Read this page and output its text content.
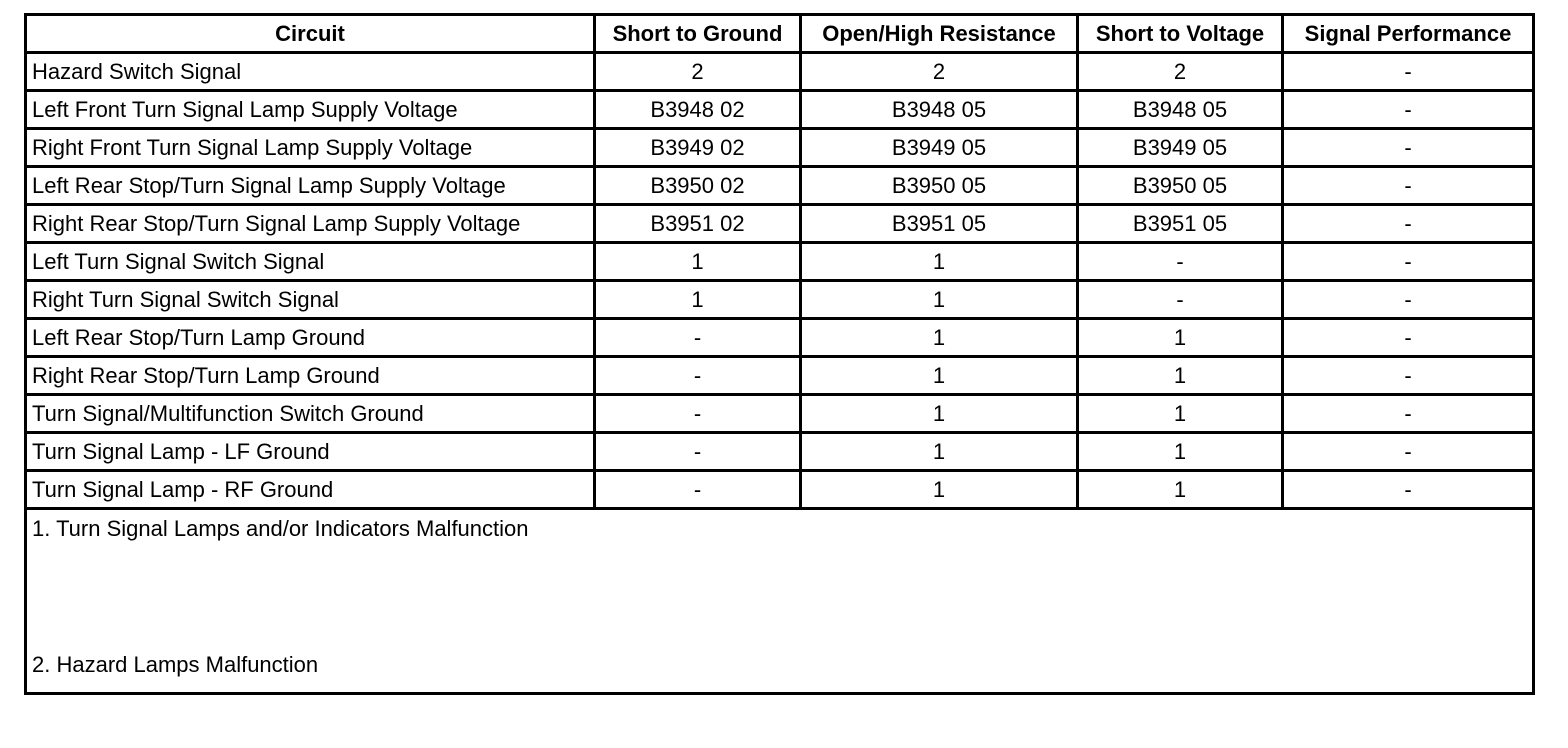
Circuit	Short to Ground	Open/High Resistance	Short to Voltage	Signal Performance
Hazard Switch Signal	2	2	2	-
Left Front Turn Signal Lamp Supply Voltage	B3948 02	B3948 05	B3948 05	-
Right Front Turn Signal Lamp Supply Voltage	B3949 02	B3949 05	B3949 05	-
Left Rear Stop/Turn Signal Lamp Supply Voltage	B3950 02	B3950 05	B3950 05	-
Right Rear Stop/Turn Signal Lamp Supply Voltage	B3951 02	B3951 05	B3951 05	-
Left Turn Signal Switch Signal	1	1	-	-
Right Turn Signal Switch Signal	1	1	-	-
Left Rear Stop/Turn Lamp Ground	-	1	1	-
Right Rear Stop/Turn Lamp Ground	-	1	1	-
Turn Signal/Multifunction Switch Ground	-	1	1	-
Turn Signal Lamp - LF Ground	-	1	1	-
Turn Signal Lamp - RF Ground	-	1	1	-

1. Turn Signal Lamps and/or Indicators Malfunction
2. Hazard Lamps Malfunction				
